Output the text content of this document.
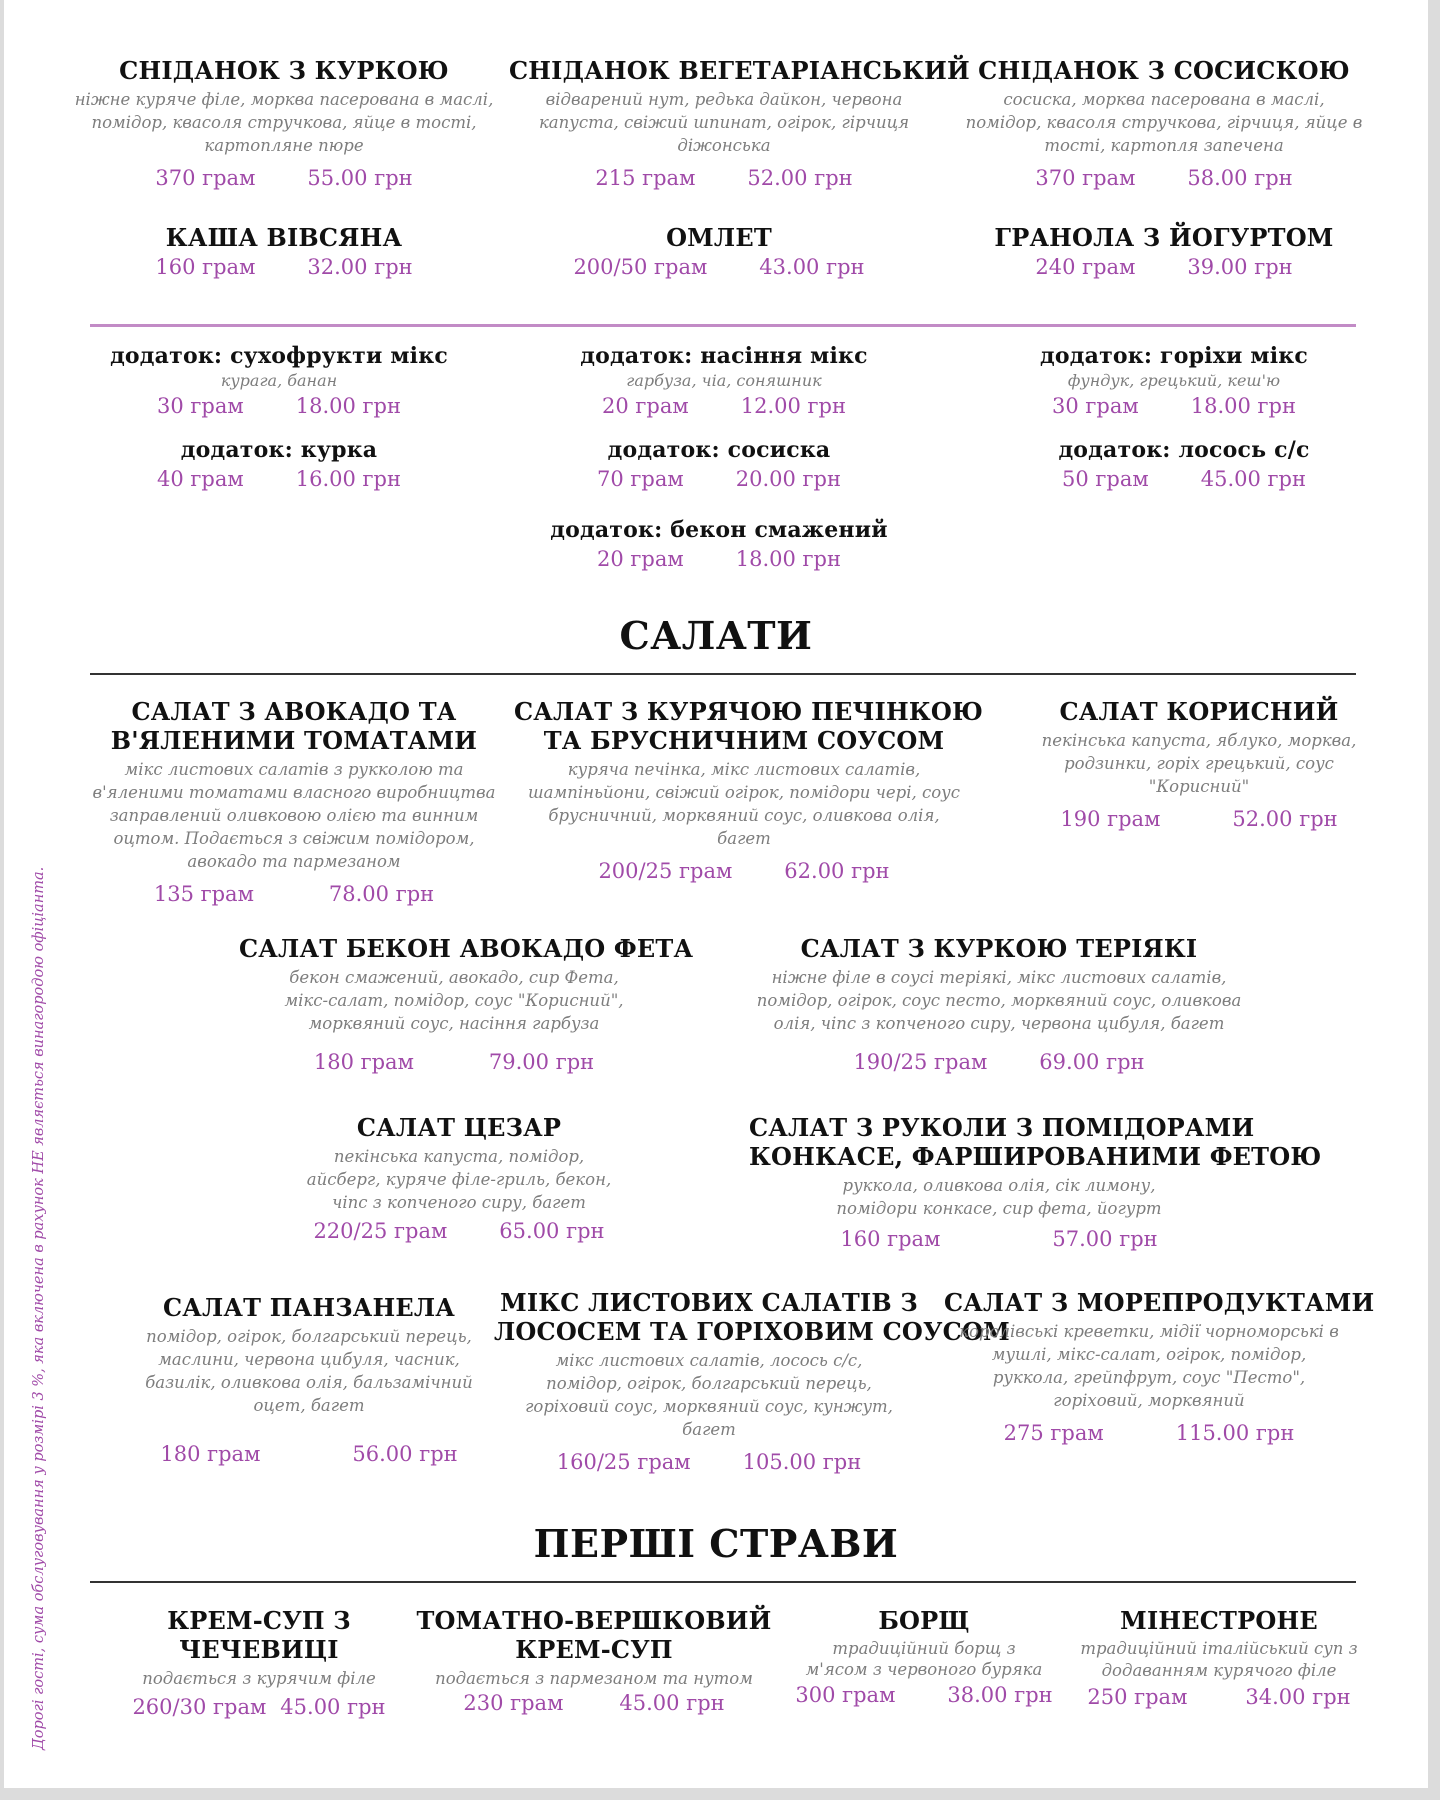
СНІДАНОК З КУРКОЮ
ніжне куряче філе, морква пасерована в маслі, помідор, квасоля стручкова, яйце в тості, картопляне пюре
370 грам 55.00 грн
СНІДАНОК ВЕГЕТАРІАНСЬКИЙ
відварений нут, редька дайкон, червона капуста, свіжий шпинат, огірок, гірчиця діжонська
215 грам 52.00 грн
СНІДАНОК З СОСИСКОЮ
сосиска, морква пасерована в маслі, помідор, квасоля стручкова, гірчиця, яйце в тості, картопля запечена
370 грам 58.00 грн
КАША ВІВСЯНА
160 грам 32.00 грн
ОМЛЕТ
200/50 грам 43.00 грн
ГРАНОЛА З ЙОГУРТОМ
240 грам 39.00 грн
додаток: сухофрукти мікс
курага, банан
30 грам 18.00 грн
додаток: насіння мікс
гарбуза, чіа, соняшник
20 грам 12.00 грн
додаток: горіхи мікс
фундук, грецький, кеш'ю
30 грам 18.00 грн
додаток: курка
40 грам 16.00 грн
додаток: сосиска
70 грам 20.00 грн
додаток: лосось с/с
50 грам 45.00 грн
додаток: бекон смажений
20 грам 18.00 грн
САЛАТИ
САЛАТ З АВОКАДО ТА
В'ЯЛЕНИМИ ТОМАТАМИ
мікс листових салатів з рукколою та в'яленими томатами власного виробництва заправлений оливковою олією та винним оцтом. Подається з свіжим помідором, авокадо та пармезаном
135 грам	78.00 грн
САЛАТ З КУРЯЧОЮ ПЕЧІНКОЮ
ТА БРУСНИЧНИМ СОУСОМ
куряча печінка, мікс листових салатів, шампіньйони, свіжий огірок, помідори чері, соус брусничний, морквяний соус, оливкова олія, багет
200/25 грам 62.00 грн
САЛАТ КОРИСНИЙ
пекінська капуста, яблуко, морква, родзинки, горіх грецький, соус "Корисний"
190 грам	52.00 грн
САЛАТ БЕКОН АВОКАДО ФЕТА
бекон смажений, авокадо, сир Фета, мікс-салат, помідор, соус "Корисний", морквяний соус, насіння гарбуза
180 грам	79.00 грн
САЛАТ З КУРКОЮ ТЕРІЯКІ
ніжне філе в соусі теріякі, мікс листових салатів, помідор, огірок, соус песто, морквяний соус, оливкова олія, чіпс з копченого сиру, червона цибуля, багет
190/25 грам 69.00 грн
САЛАТ ЦЕЗАР
пекінська капуста, помідор, айсберг, куряче філе-гриль, бекон, чіпс з копченого сиру, багет
220/25 грам 65.00 грн
САЛАТ З РУКОЛИ З ПОМІДОРАМИ
КОНКАСЕ, ФАРШИРОВАНИМИ ФЕТОЮ
руккола, оливкова олія, сік лимону, помідори конкасе, сир фета, йогурт
160 грам	57.00 грн
САЛАТ ПАНЗАНЕЛА
помідор, огірок, болгарський перець, маслини, червона цибуля, часник, базилік, оливкова олія, бальзамічний оцет, багет
180 грам	56.00 грн
МІКС ЛИСТОВИХ САЛАТІВ З
ЛОСОСЕМ ТА ГОРІХОВИМ СОУСОМ
мікс листових салатів, лосось с/с, помідор, огірок, болгарський перець, горіховий соус, морквяний соус, кунжут, багет
160/25 грам 105.00 грн
САЛАТ З МОРЕПРОДУКТАМИ
королівські креветки, мідії чорноморські в мушлі, мікс-салат, огірок, помідор, руккола, грейпфрут, соус "Песто", горіховий, морквяний
275 грам	115.00 грн
ПЕРШІ СТРАВИ
КРЕМ-СУП З
ЧЕЧЕВИЦІ
подається з курячим філе
260/30 грам 45.00 грн
ТОМАТНО-ВЕРШКОВИЙ
КРЕМ-СУП
подається з пармезаном та нутом
230 грам	45.00 грн
БОРЩ
традиційний борщ з м'ясом з червоного буряка
300 грам 38.00 грн
МІНЕСТРОНЕ
традиційний італійський суп з додаванням курячого філе
250 грам	34.00 грн
Дорогі гості, сума обслуговування у розмірі 3 %, яка включена в рахунок НЕ являється винагородою офіціанта.
